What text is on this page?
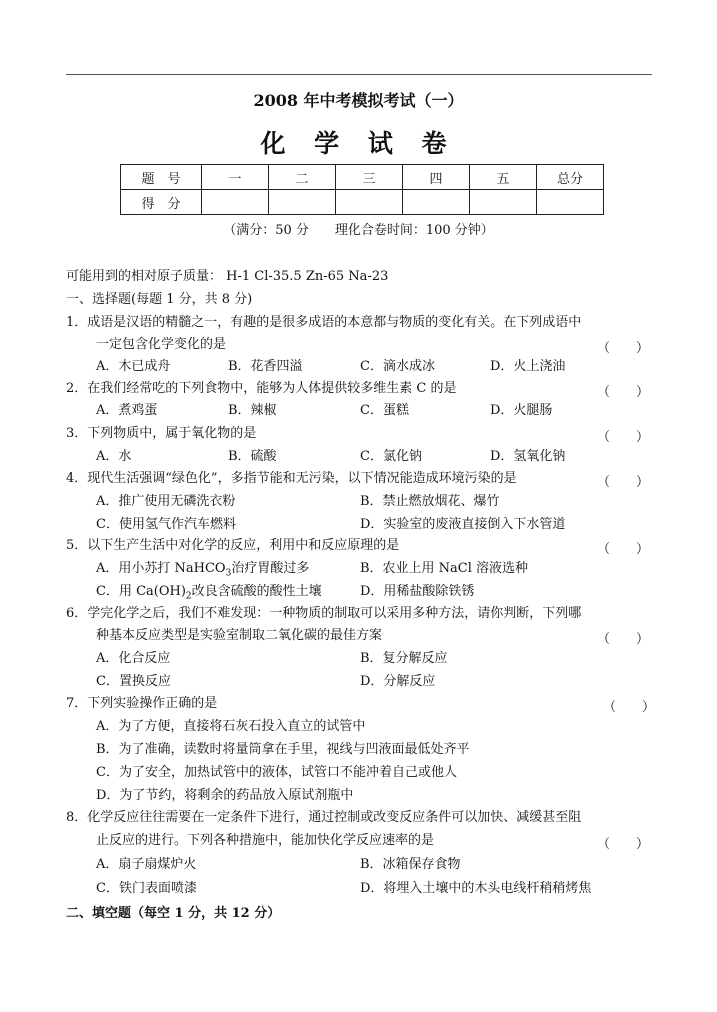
2008 年中考模拟考试（一）
化 学 试 卷
题　号	一	二	三	四	五	总分
得　分						
（满分：50 分　　理化合卷时间：100 分钟）
可能用到的相对原子质量： H-1 Cl-35.5 Zn-65 Na-23
一、选择题(每题 1 分，共 8 分)
1．成语是汉语的精髓之一，有趣的是很多成语的本意都与物质的变化有关。在下列成语中
一定包含化学变化的是	（　　）
A．木已成舟	B．花香四溢	C．滴水成冰	D．火上浇油
2．在我们经常吃的下列食物中，能够为人体提供较多维生素 C 的是	（　　）
A．煮鸡蛋	B．辣椒	C．蛋糕	D．火腿肠
3．下列物质中，属于氧化物的是	（　　）
A．水	B．硫酸	C．氯化钠	D．氢氧化钠
4．现代生活强调“绿色化”，多指节能和无污染，以下情况能造成环境污染的是	（　　）
A．推广使用无磷洗衣粉	B．禁止燃放烟花、爆竹
C．使用氢气作汽车燃料	D．实验室的废液直接倒入下水管道
5．以下生产生活中对化学的反应，利用中和反应原理的是	（　　）
A．用小苏打 NaHCO$_3$治疗胃酸过多	B．农业上用 NaCl 溶液选种
C．用 $Ca(OH)_2$改良含硫酸的酸性土壤	D．用稀盐酸除铁锈
6．学完化学之后，我们不难发现：一种物质的制取可以采用多种方法，请你判断，下列哪
种基本反应类型是实验室制取二氧化碳的最佳方案	（　　）
A．化合反应	B．复分解反应
C．置换反应	D．分解反应
7．下列实验操作正确的是	（　　）
A．为了方便，直接将石灰石投入直立的试管中
B．为了准确，读数时将量筒拿在手里，视线与凹液面最低处齐平
C．为了安全，加热试管中的液体，试管口不能冲着自己或他人
D．为了节约，将剩余的药品放入原试剂瓶中
8．化学反应往往需要在一定条件下进行，通过控制或改变反应条件可以加快、减缓甚至阻
止反应的进行。下列各种措施中，能加快化学反应速率的是	（　　）
A．扇子扇煤炉火	B．冰箱保存食物
C．铁门表面喷漆	D．将埋入土壤中的木头电线杆稍稍烤焦
二、填空题（每空 1 分，共 12 分）
